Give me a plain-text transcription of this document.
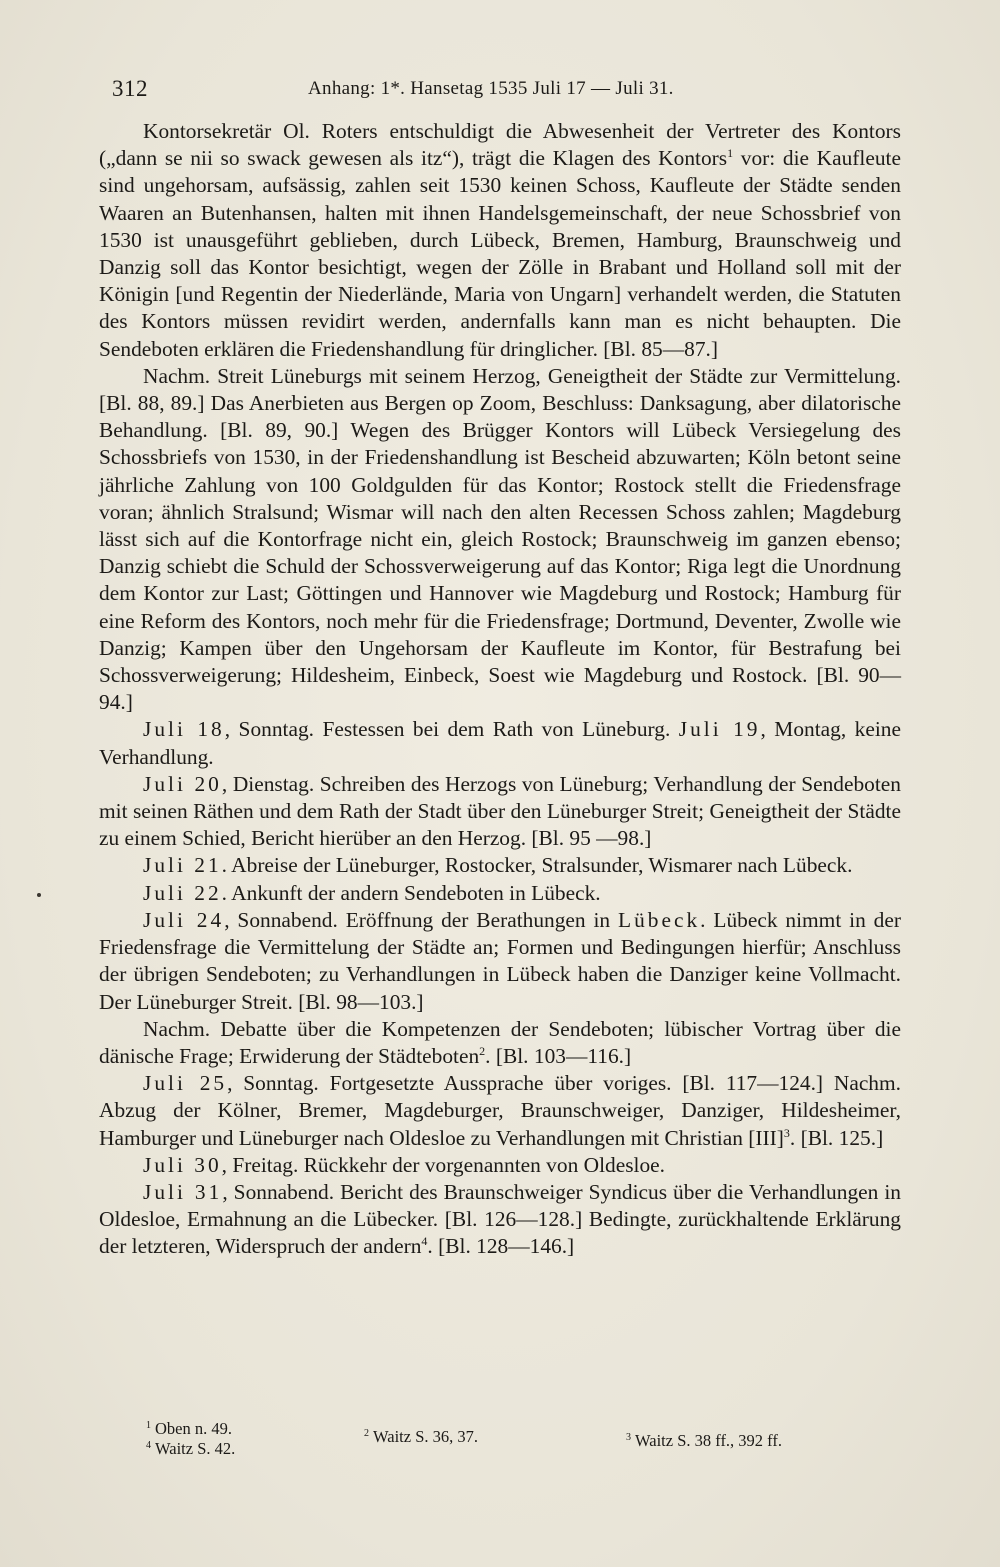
312	Anhang: 1*. Hansetag 1535 Juli 17 — Juli 31.

Kontorsekretär Ol. Roters entschuldigt die Abwesenheit der Vertreter des Kontors („dann se nii so swack gewesen als itz“), trägt die Klagen des Kontors$^1$ vor: die Kaufleute sind ungehorsam, aufsässig, zahlen seit 1530 keinen Schoss, Kaufleute der Städte senden Waaren an Butenhansen, halten mit ihnen Handelsgemeinschaft, der neue Schossbrief von 1530 ist unausgeführt geblieben, durch Lübeck, Bremen, Hamburg, Braunschweig und Danzig soll das Kontor besichtigt, wegen der Zölle in Brabant und Holland soll mit der Königin [und Regentin der Niederlände, Maria von Ungarn] verhandelt werden, die Statuten des Kontors müssen revidirt werden, andernfalls kann man es nicht behaupten. Die Sendeboten erklären die Friedenshandlung für dringlicher. [Bl. 85—87.]

Nachm. Streit Lüneburgs mit seinem Herzog, Geneigtheit der Städte zur Vermittelung. [Bl. 88, 89.] Das Anerbieten aus Bergen op Zoom, Beschluss: Danksagung, aber dilatorische Behandlung. [Bl. 89, 90.] Wegen des Brügger Kontors will Lübeck Versiegelung des Schossbriefs von 1530, in der Friedenshandlung ist Bescheid abzuwarten; Köln betont seine jährliche Zahlung von 100 Goldgulden für das Kontor; Rostock stellt die Friedensfrage voran; ähnlich Stralsund; Wismar will nach den alten Recessen Schoss zahlen; Magdeburg lässt sich auf die Kontorfrage nicht ein, gleich Rostock; Braunschweig im ganzen ebenso; Danzig schiebt die Schuld der Schossverweigerung auf das Kontor; Riga legt die Unordnung dem Kontor zur Last; Göttingen und Hannover wie Magdeburg und Rostock; Hamburg für eine Reform des Kontors, noch mehr für die Friedensfrage; Dortmund, Deventer, Zwolle wie Danzig; Kampen über den Ungehorsam der Kaufleute im Kontor, für Bestrafung bei Schossverweigerung; Hildesheim, Einbeck, Soest wie Magdeburg und Rostock. [Bl. 90—94.]

Juli 18, Sonntag. Festessen bei dem Rath von Lüneburg. Juli 19, Montag, keine Verhandlung.

Juli 20, Dienstag. Schreiben des Herzogs von Lüneburg; Verhandlung der Sendeboten mit seinen Räthen und dem Rath der Stadt über den Lüneburger Streit; Geneigtheit der Städte zu einem Schied, Bericht hierüber an den Herzog. [Bl. 95 —98.]

Juli 21. Abreise der Lüneburger, Rostocker, Stralsunder, Wismarer nach Lübeck.

Juli 22. Ankunft der andern Sendeboten in Lübeck.

Juli 24, Sonnabend. Eröffnung der Berathungen in Lübeck. Lübeck nimmt in der Friedensfrage die Vermittelung der Städte an; Formen und Bedingungen hierfür; Anschluss der übrigen Sendeboten; zu Verhandlungen in Lübeck haben die Danziger keine Vollmacht. Der Lüneburger Streit. [Bl. 98—103.]

Nachm. Debatte über die Kompetenzen der Sendeboten; lübischer Vortrag über die dänische Frage; Erwiderung der Städteboten$^2$. [Bl. 103—116.]

Juli 25, Sonntag. Fortgesetzte Aussprache über voriges. [Bl. 117—124.] Nachm. Abzug der Kölner, Bremer, Magdeburger, Braunschweiger, Danziger, Hildesheimer, Hamburger und Lüneburger nach Oldesloe zu Verhandlungen mit Christian [III]$^3$. [Bl. 125.]

Juli 30, Freitag. Rückkehr der vorgenannten von Oldesloe.

Juli 31, Sonnabend. Bericht des Braunschweiger Syndicus über die Verhandlungen in Oldesloe, Ermahnung an die Lübecker. [Bl. 126—128.] Bedingte, zurückhaltende Erklärung der letzteren, Widerspruch der andern$^4$. [Bl. 128—146.]

$^1$ Oben n. 49.
$^4$ Waitz S. 42.
$^2$ Waitz S. 36, 37.	$^3$ Waitz S. 38 ff., 392 ff.
